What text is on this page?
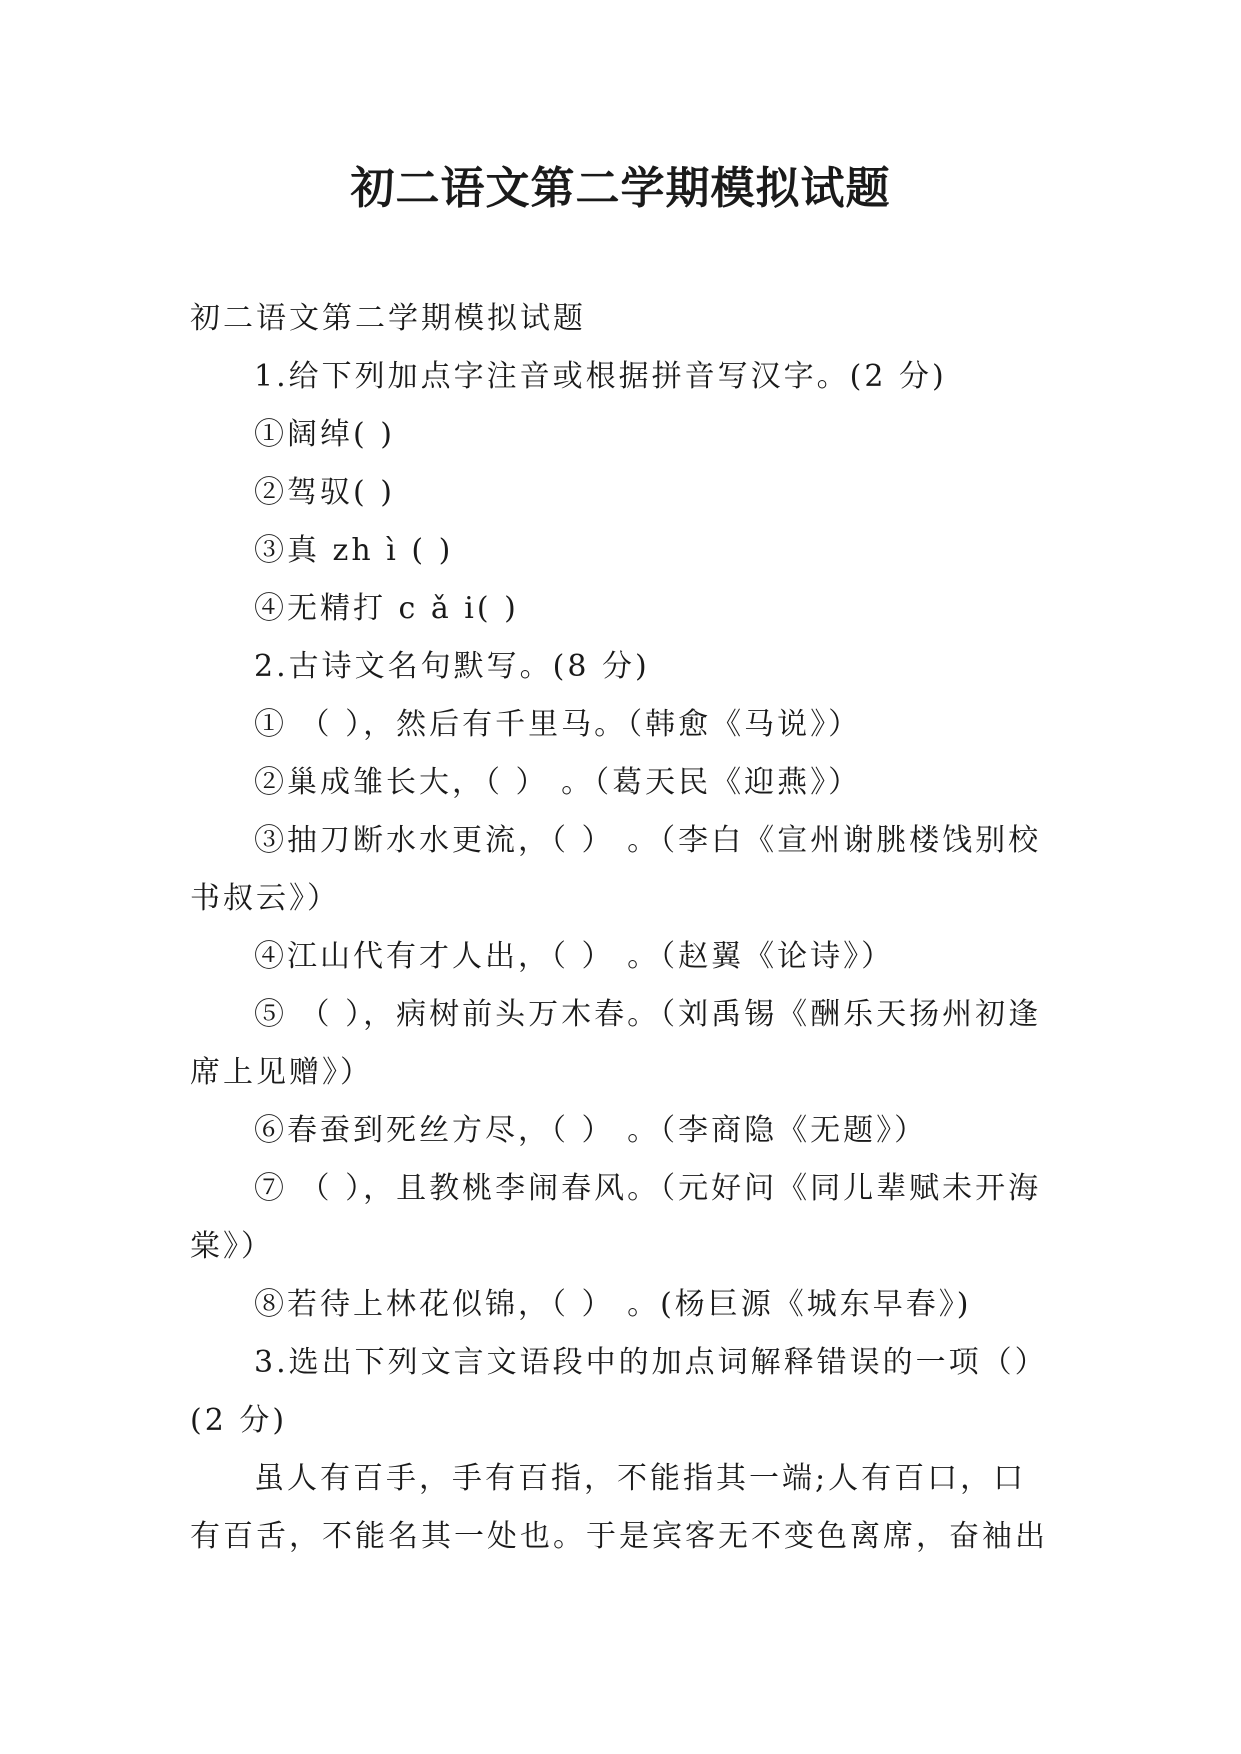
初二语文第二学期模拟试题

初二语文第二学期模拟试题

1.给下列加点字注音或根据拼音写汉字。(2 分)

①阔绰( )

②驾驭( )

③真 zh ì ( )

④无精打 c ǎ i( )

2.古诗文名句默写。(8 分)

① （ ），然后有千里马。（韩愈《马说》）

②巢成雏长大，（ ） 。（葛天民《迎燕》）

③抽刀断水水更流，（ ） 。（李白《宣州谢朓楼饯别校书叔云》）

④江山代有才人出，（ ） 。（赵翼《论诗》）

⑤ （ ），病树前头万木春。（刘禹锡《酬乐天扬州初逢席上见赠》）

⑥春蚕到死丝方尽，（ ） 。（李商隐《无题》）

⑦ （ ），且教桃李闹春风。（元好问《同儿辈赋未开海棠》）

⑧若待上林花似锦，（ ） 。(杨巨源《城东早春》)

3.选出下列文言文语段中的加点词解释错误的一项（）(2 分)

虽人有百手，手有百指，不能指其一端;人有百口，口有百舌，不能名其一处也。于是宾客无不变色离席，奋袖出
